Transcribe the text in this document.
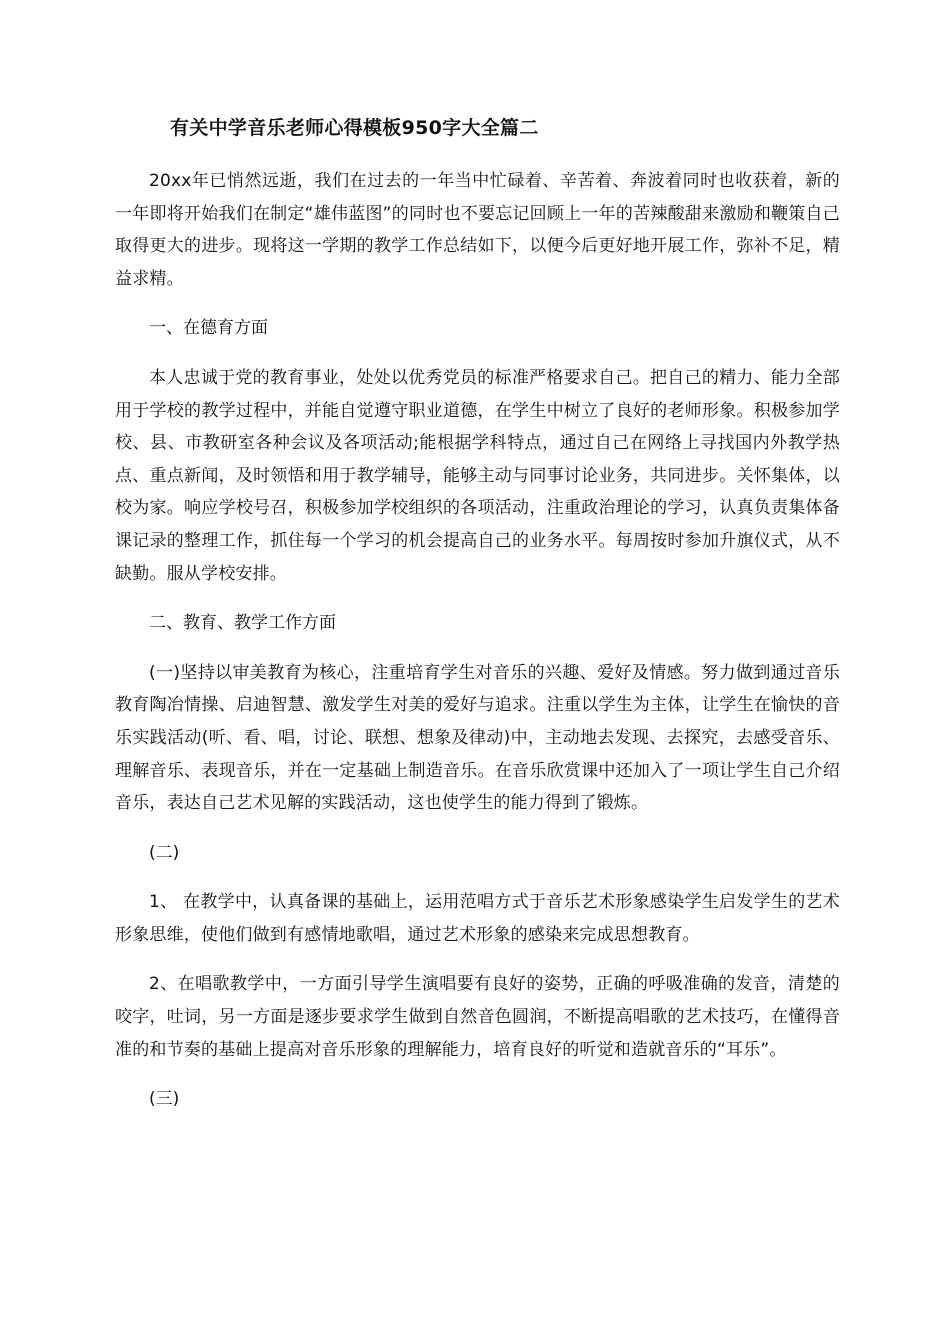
有关中学音乐老师心得模板950字大全篇二

20xx年已悄然远逝，我们在过去的一年当中忙碌着、辛苦着、奔波着同时也收获着，新的一年即将开始我们在制定“雄伟蓝图”的同时也不要忘记回顾上一年的苦辣酸甜来激励和鞭策自己取得更大的进步。现将这一学期的教学工作总结如下，以便今后更好地开展工作，弥补不足，精益求精。

一、在德育方面

本人忠诚于党的教育事业，处处以优秀党员的标准严格要求自己。把自己的精力、能力全部用于学校的教学过程中，并能自觉遵守职业道德，在学生中树立了良好的老师形象。积极参加学校、县、市教研室各种会议及各项活动;能根据学科特点，通过自己在网络上寻找国内外教学热点、重点新闻，及时领悟和用于教学辅导，能够主动与同事讨论业务，共同进步。关怀集体，以校为家。响应学校号召，积极参加学校组织的各项活动，注重政治理论的学习，认真负责集体备课记录的整理工作，抓住每一个学习的机会提高自己的业务水平。每周按时参加升旗仪式，从不缺勤。服从学校安排。

二、教育、教学工作方面

(一)坚持以审美教育为核心，注重培育学生对音乐的兴趣、爱好及情感。努力做到通过音乐教育陶冶情操、启迪智慧、激发学生对美的爱好与追求。注重以学生为主体，让学生在愉快的音乐实践活动(听、看、唱，讨论、联想、想象及律动)中，主动地去发现、去探究，去感受音乐、理解音乐、表现音乐，并在一定基础上制造音乐。在音乐欣赏课中还加入了一项让学生自己介绍音乐，表达自己艺术见解的实践活动，这也使学生的能力得到了锻炼。

(二)

1、 在教学中，认真备课的基础上，运用范唱方式于音乐艺术形象感染学生启发学生的艺术形象思维，使他们做到有感情地歌唱，通过艺术形象的感染来完成思想教育。

2、在唱歌教学中，一方面引导学生演唱要有良好的姿势，正确的呼吸准确的发音，清楚的咬字，吐词，另一方面是逐步要求学生做到自然音色圆润，不断提高唱歌的艺术技巧，在懂得音准的和节奏的基础上提高对音乐形象的理解能力，培育良好的听觉和造就音乐的“耳乐”。

(三)
